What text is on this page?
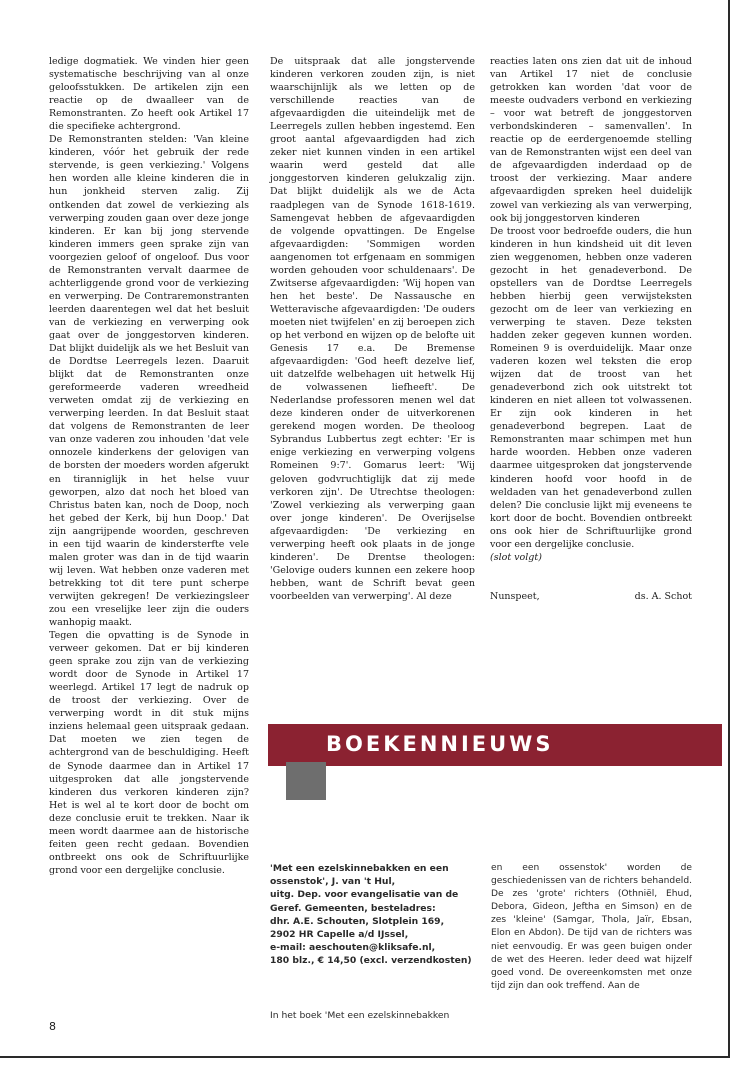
ledige dogmatiek. We vinden hier geen systematische beschrijving van al onze geloofsstukken. De artikelen zijn een reactie op de dwaalleer van de Remonstranten. Zo heeft ook Artikel 17 die specifieke achtergrond.

De Remonstranten stelden: 'Van kleine kinderen, vóór het gebruik der rede stervende, is geen verkiezing.' Volgens hen worden alle kleine kinderen die in hun jonkheid sterven zalig. Zij ontkenden dat zowel de verkiezing als verwerping zouden gaan over deze jonge kinderen. Er kan bij jong stervende kinderen immers geen sprake zijn van voorgezien geloof of ongeloof. Dus voor de Remonstranten vervalt daarmee de achterliggende grond voor de verkiezing en verwerping. De Contraremonstranten leerden daarentegen wel dat het besluit van de verkiezing en verwerping ook gaat over de jonggestorven kinderen. Dat blijkt duidelijk als we het Besluit van de Dordtse Leerregels lezen. Daaruit blijkt dat de Remonstranten onze gereformeerde vaderen wreedheid verweten omdat zij de verkiezing en verwerping leerden. In dat Besluit staat dat volgens de Remonstranten de leer van onze vaderen zou inhouden 'dat vele onnozele kinderkens der gelovigen van de borsten der moeders worden afgerukt en tiranniglijk in het helse vuur geworpen, alzo dat noch het bloed van Christus baten kan, noch de Doop, noch het gebed der Kerk, bij hun Doop.' Dat zijn aangrijpende woorden, geschreven in een tijd waarin de kindersterfte vele malen groter was dan in de tijd waarin wij leven. Wat hebben onze vaderen met betrekking tot dit tere punt scherpe verwijten gekregen! De verkiezingsleer zou een vreselijke leer zijn die ouders wanhopig maakt.

Tegen die opvatting is de Synode in verweer gekomen. Dat er bij kinderen geen sprake zou zijn van de verkiezing wordt door de Synode in Artikel 17 weerlegd. Artikel 17 legt de nadruk op de troost der verkiezing. Over de verwerping wordt in dit stuk mijns inziens helemaal geen uitspraak gedaan. Dat moeten we zien tegen de achtergrond van de beschuldiging. Heeft de Synode daarmee dan in Artikel 17 uitgesproken dat alle jongstervende kinderen dus verkoren kinderen zijn? Het is wel al te kort door de bocht om deze conclusie eruit te trekken. Naar ik meen wordt daarmee aan de historische feiten geen recht gedaan. Bovendien ontbreekt ons ook de Schriftuurlijke grond voor een dergelijke conclusie.

De uitspraak dat alle jongstervende kinderen verkoren zouden zijn, is niet waarschijnlijk als we letten op de verschillende reacties van de afgevaardigden die uiteindelijk met de Leerregels zullen hebben ingestemd. Een groot aantal afgevaardigden had zich zeker niet kunnen vinden in een artikel waarin werd gesteld dat alle jonggestorven kinderen gelukzalig zijn. Dat blijkt duidelijk als we de Acta raadplegen van de Synode 1618-1619. Samengevat hebben de afgevaardigden de volgende opvattingen. De Engelse afgevaardigden: 'Sommigen worden aangenomen tot erfgenaam en sommigen worden gehouden voor schuldenaars'. De Zwitserse afgevaardigden: 'Wij hopen van hen het beste'. De Nassausche en Wetteravische afgevaardigden: 'De ouders moeten niet twijfelen' en zij beroepen zich op het verbond en wijzen op de belofte uit Genesis 17 e.a. De Bremense afgevaardigden: 'God heeft dezelve lief, uit datzelfde welbehagen uit hetwelk Hij de volwassenen liefheeft'. De Nederlandse professoren menen wel dat deze kinderen onder de uitverkorenen gerekend mogen worden. De theoloog Sybrandus Lubbertus zegt echter: 'Er is enige verkiezing en verwerping volgens Romeinen 9:7'. Gomarus leert: 'Wij geloven godvruchtiglijk dat zij mede verkoren zijn'. De Utrechtse theologen: 'Zowel verkiezing als verwerping gaan over jonge kinderen'. De Overijselse afgevaardigden: 'De verkiezing en verwerping heeft ook plaats in de jonge kinderen'. De Drentse theologen: 'Gelovige ouders kunnen een zekere hoop hebben, want de Schrift bevat geen voorbeelden van verwerping'. Al deze

reacties laten ons zien dat uit de inhoud van Artikel 17 niet de conclusie getrokken kan worden 'dat voor de meeste oudvaders verbond en verkiezing – voor wat betreft de jonggestorven verbondskinderen – samenvallen'. In reactie op de eerdergenoemde stelling van de Remonstranten wijst een deel van de afgevaardigden inderdaad op de troost der verkiezing. Maar andere afgevaardigden spreken heel duidelijk zowel van verkiezing als van verwerping, ook bij jonggestorven kinderen

De troost voor bedroefde ouders, die hun kinderen in hun kindsheid uit dit leven zien weggenomen, hebben onze vaderen gezocht in het genadeverbond. De opstellers van de Dordtse Leerregels hebben hierbij geen verwijsteksten gezocht om de leer van verkiezing en verwerping te staven. Deze teksten hadden zeker gegeven kunnen worden. Romeinen 9 is overduidelijk. Maar onze vaderen kozen wel teksten die erop wijzen dat de troost van het genadeverbond zich ook uitstrekt tot kinderen en niet alleen tot volwassenen. Er zijn ook kinderen in het genadeverbond begrepen. Laat de Remonstranten maar schimpen met hun harde woorden. Hebben onze vaderen daarmee uitgesproken dat jongstervende kinderen hoofd voor hoofd in de weldaden van het genadeverbond zullen delen? Die conclusie lijkt mij eveneens te kort door de bocht. Bovendien ontbreekt ons ook hier de Schriftuurlijke grond voor een dergelijke conclusie.

(slot volgt)

Nunspeet,	ds. A. Schot

BOEKENNIEUWS

'Met een ezelskinnebakken en een

ossenstok', J. van 't Hul,

uitg. Dep. voor evangelisatie van de

Geref. Gemeenten, besteladres:

dhr. A.E. Schouten, Slotplein 169,

2902 HR Capelle a/d IJssel,

e-mail: aeschouten@kliksafe.nl,

180 blz., € 14,50 (excl. verzendkosten)

In het boek 'Met een ezelskinnebakken
en een ossenstok' worden de geschiedenissen van de richters behandeld. De zes 'grote' richters (Othniël, Ehud, Debora, Gideon, Jeftha en Simson) en de zes 'kleine' (Samgar, Thola, Jaïr, Ebsan, Elon en Abdon). De tijd van de richters was niet eenvoudig. Er was geen buigen onder de wet des Heeren. Ieder deed wat hijzelf goed vond. De overeenkomsten met onze tijd zijn dan ook treffend. Aan de
8
